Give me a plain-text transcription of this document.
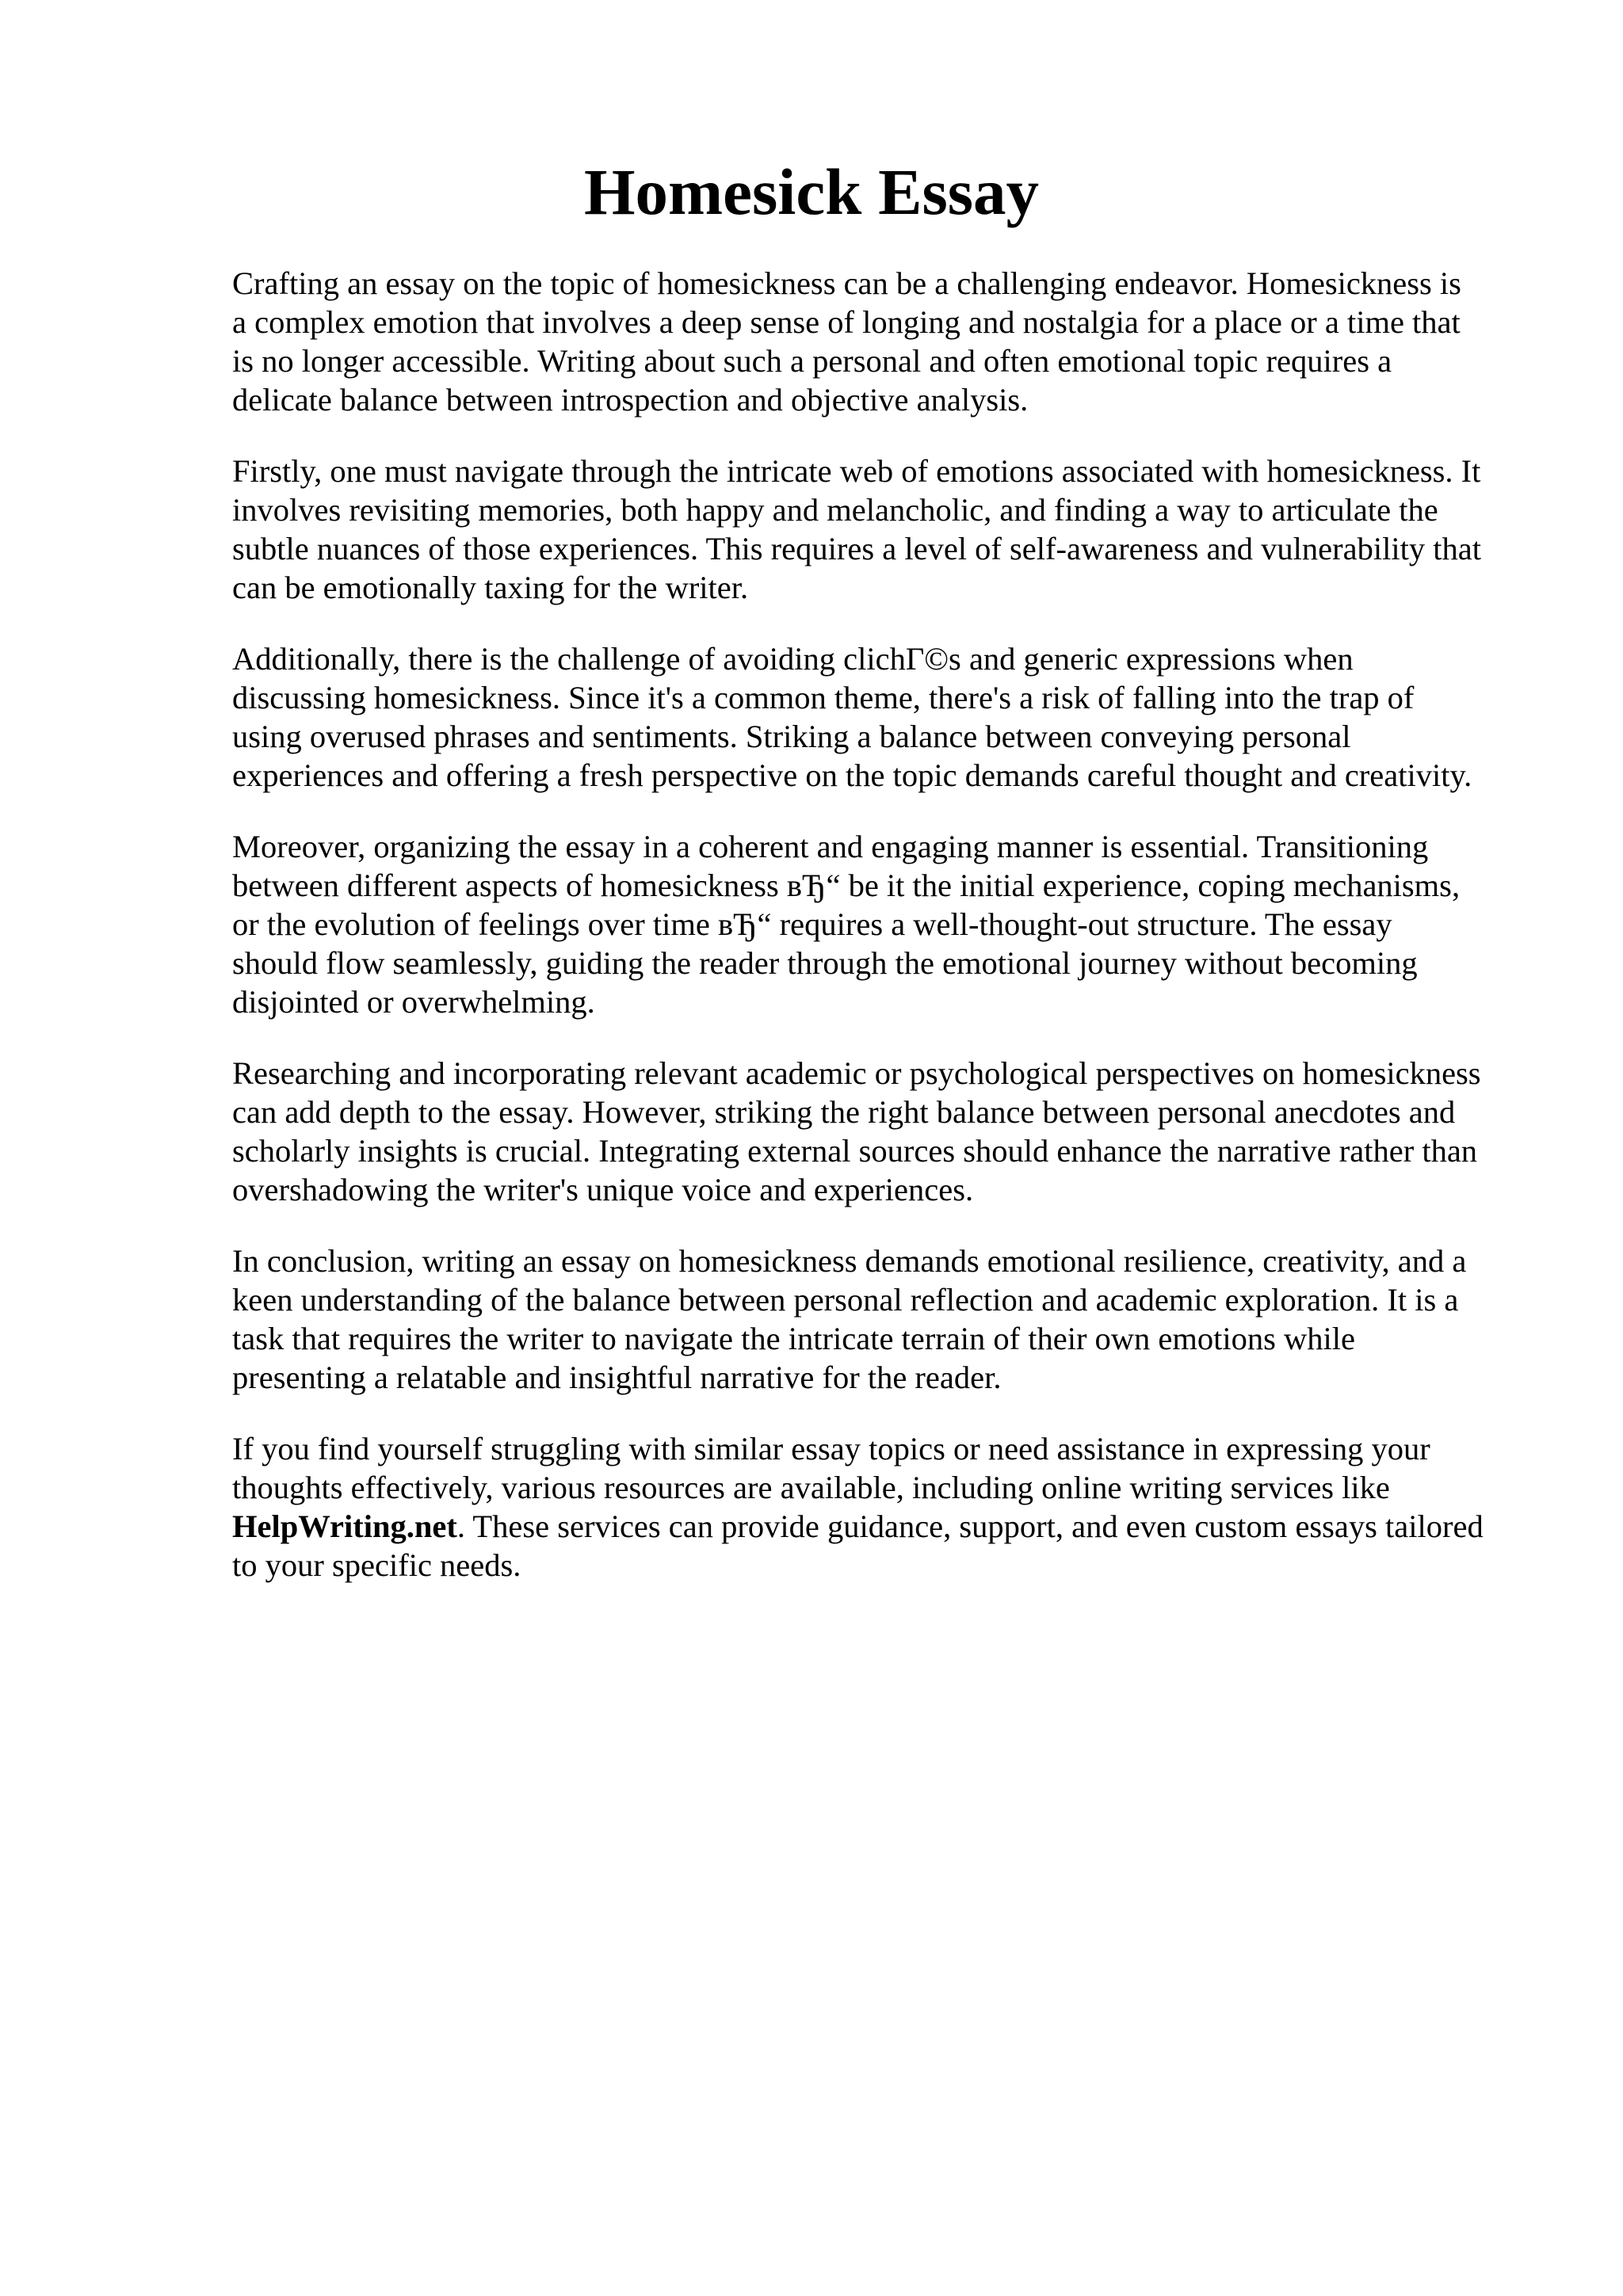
Homesick Essay

Crafting an essay on the topic of homesickness can be a challenging endeavor. Homesickness is
a complex emotion that involves a deep sense of longing and nostalgia for a place or a time that
is no longer accessible. Writing about such a personal and often emotional topic requires a
delicate balance between introspection and objective analysis.

Firstly, one must navigate through the intricate web of emotions associated with homesickness. It
involves revisiting memories, both happy and melancholic, and finding a way to articulate the
subtle nuances of those experiences. This requires a level of self-awareness and vulnerability that
can be emotionally taxing for the writer.

Additionally, there is the challenge of avoiding clichГ©s and generic expressions when
discussing homesickness. Since it's a common theme, there's a risk of falling into the trap of
using overused phrases and sentiments. Striking a balance between conveying personal
experiences and offering a fresh perspective on the topic demands careful thought and creativity.

Moreover, organizing the essay in a coherent and engaging manner is essential. Transitioning
between different aspects of homesickness вЂ“ be it the initial experience, coping mechanisms,
or the evolution of feelings over time вЂ“ requires a well-thought-out structure. The essay
should flow seamlessly, guiding the reader through the emotional journey without becoming
disjointed or overwhelming.

Researching and incorporating relevant academic or psychological perspectives on homesickness
can add depth to the essay. However, striking the right balance between personal anecdotes and
scholarly insights is crucial. Integrating external sources should enhance the narrative rather than
overshadowing the writer's unique voice and experiences.

In conclusion, writing an essay on homesickness demands emotional resilience, creativity, and a
keen understanding of the balance between personal reflection and academic exploration. It is a
task that requires the writer to navigate the intricate terrain of their own emotions while
presenting a relatable and insightful narrative for the reader.

If you find yourself struggling with similar essay topics or need assistance in expressing your
thoughts effectively, various resources are available, including online writing services like
HelpWriting.net. These services can provide guidance, support, and even custom essays tailored
to your specific needs.
